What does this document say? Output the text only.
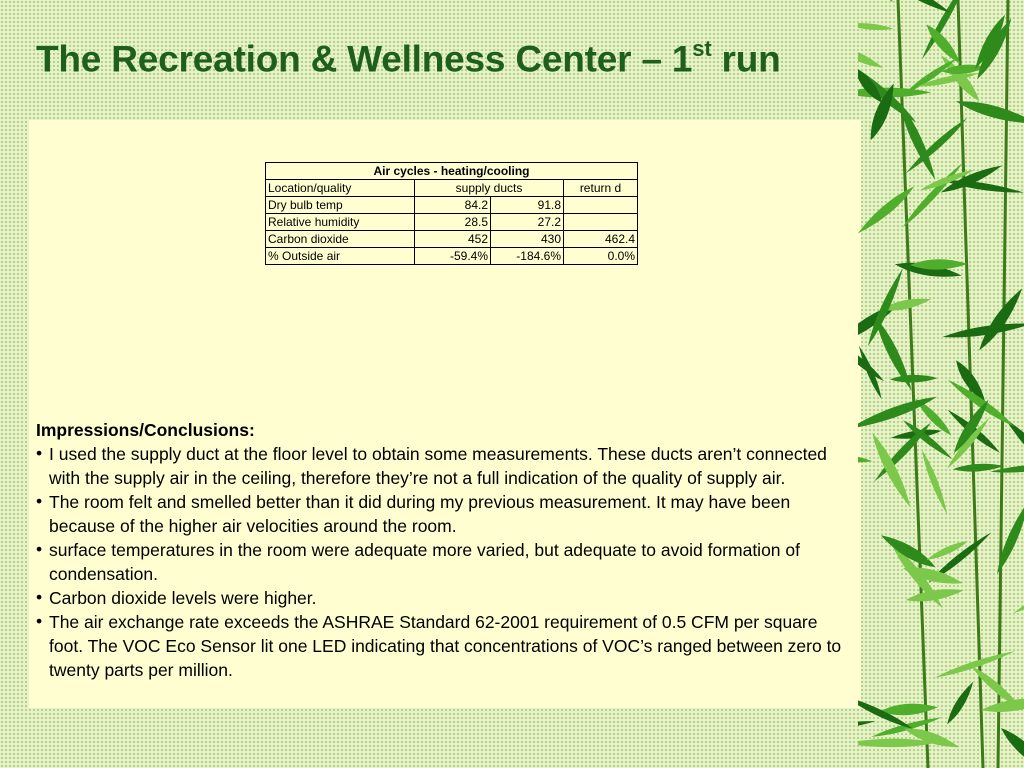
The Recreation & Wellness Center – 1st run
Air cycles - heating/cooling			
Location/quality	supply ducts		return d
Dry bulb temp	84.2	91.8	
Relative humidity	28.5	27.2	
Carbon dioxide	452	430	462.4
% Outside air	-59.4%	-184.6%	0.0%
Impressions/Conclusions:
• I used the supply duct at the floor level to obtain some measurements. These ducts aren’t connected with the supply air in the ceiling, therefore they’re not a full indication of the quality of supply air.
• The room felt and smelled better than it did during my previous measurement. It may have been because of the higher air velocities around the room.
• surface temperatures in the room were adequate more varied, but adequate to avoid formation of condensation.
• Carbon dioxide levels were higher.
• The air exchange rate exceeds the ASHRAE Standard 62-2001 requirement of 0.5 CFM per square foot. The VOC Eco Sensor lit one LED indicating that concentrations of VOC’s ranged between zero to twenty parts per million.
